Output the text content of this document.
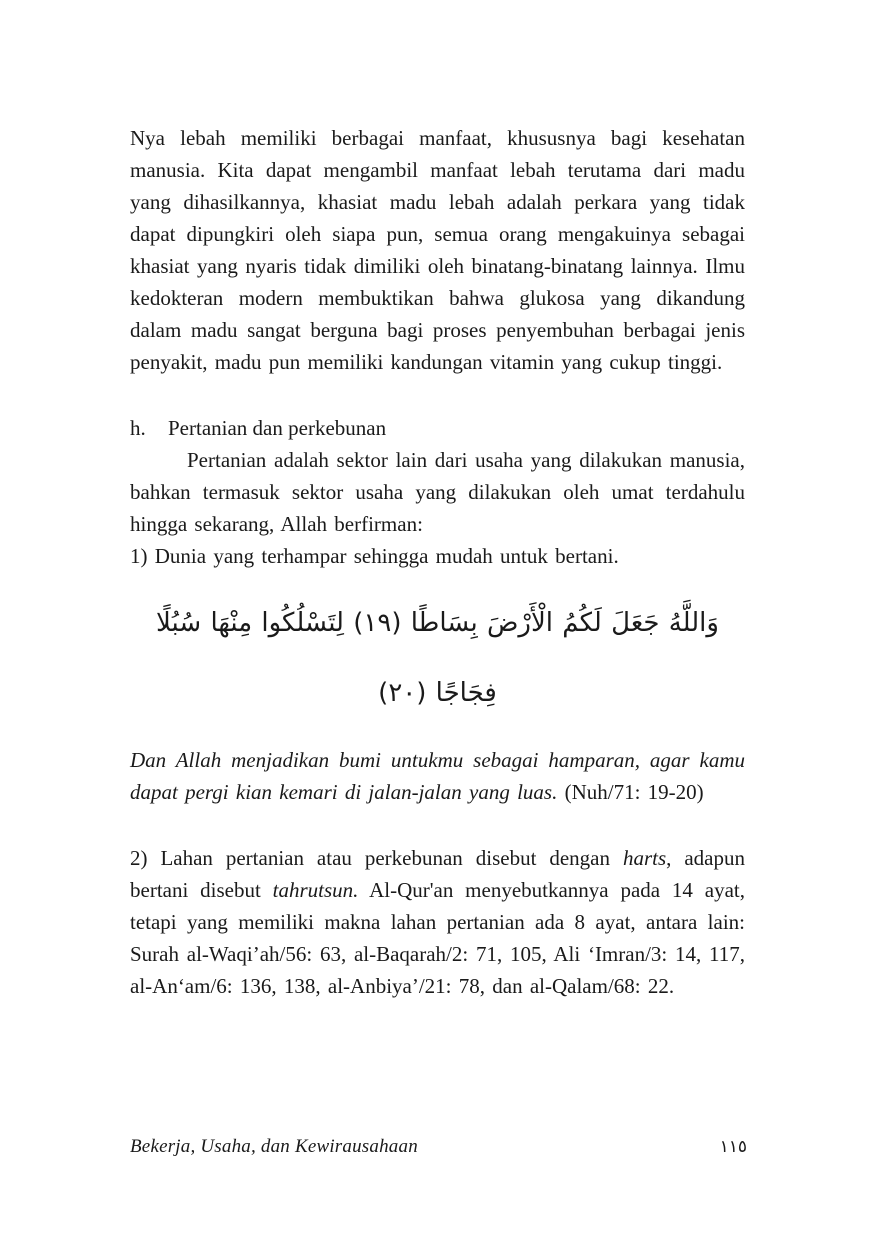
Nya lebah memiliki berbagai manfaat, khususnya bagi kesehatan manusia. Kita dapat mengambil manfaat lebah terutama dari madu yang dihasilkannya, khasiat madu lebah adalah perkara yang tidak dapat dipungkiri oleh siapa pun, semua orang mengakuinya sebagai khasiat yang nyaris tidak dimiliki oleh binatang-binatang lainnya. Ilmu kedokteran modern membuktikan bahwa glukosa yang dikandung dalam madu sangat berguna bagi proses penyembuhan berbagai jenis penyakit, madu pun memiliki kandungan vitamin yang cukup tinggi.

h.	Pertanian dan perkebunan

Pertanian adalah sektor lain dari usaha yang dilakukan manusia, bahkan termasuk sektor usaha yang dilakukan oleh umat terdahulu hingga sekarang, Allah berfirman:

1) Dunia yang terhampar sehingga mudah untuk bertani.

وَاللَّهُ جَعَلَ لَكُمُ الْأَرْضَ بِسَاطًا (١٩) لِتَسْلُكُوا مِنْهَا سُبُلًا فِجَاجًا (٢٠)

Dan Allah menjadikan bumi untukmu sebagai hamparan, agar kamu dapat pergi kian kemari di jalan-jalan yang luas. (Nuh/71: 19-20)

2) Lahan pertanian atau perkebunan disebut dengan harts, adapun bertani disebut tahrutsun. Al-Qur'an menyebutkannya pada 14 ayat, tetapi yang memiliki makna lahan pertanian ada 8 ayat, antara lain: Surah al-Waqi’ah/56: 63, al-Baqarah/2: 71, 105, Ali ‘Imran/3: 14, 117, al-An‘am/6: 136, 138, al-Anbiya’/21: 78, dan al-Qalam/68: 22.

Bekerja, Usaha, dan Kewirausahaan	١١٥
